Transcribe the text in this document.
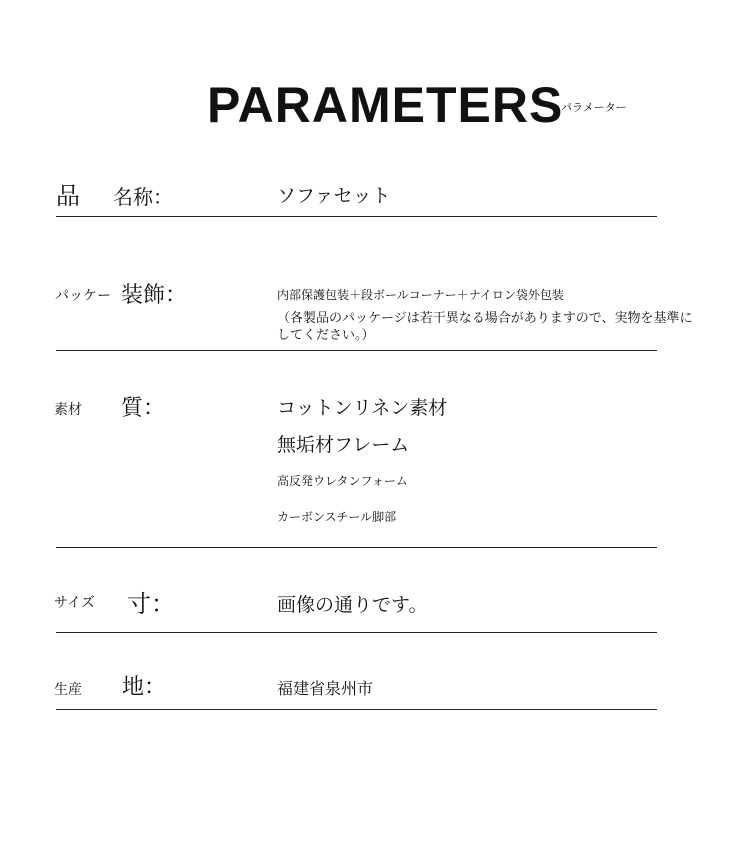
PARAMETERS
パラメーター
品 名称：	ソファセット
パッケー 装飾：	内部保護包装＋段ボールコーナー＋ナイロン袋外包装
（各製品のパッケージは若干異なる場合がありますので、実物を基準に
してください。）
素材 質：	コットンリネン素材
無垢材フレーム
高反発ウレタンフォーム
カーボンスチール脚部
サイズ 寸：	画像の通りです。
生産 地：	福建省泉州市
